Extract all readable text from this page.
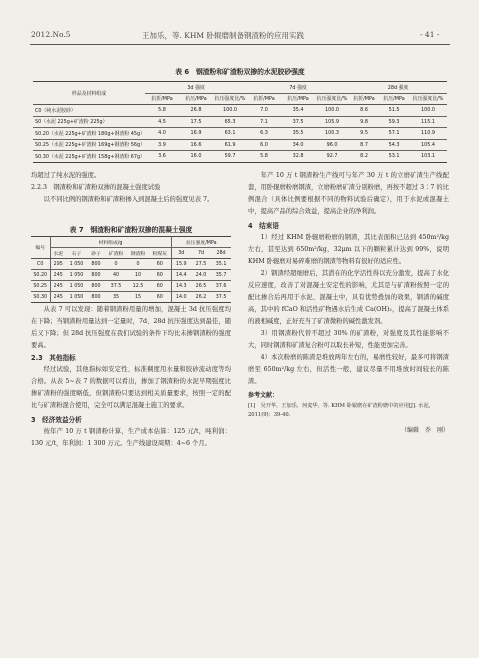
2012.No.5	王加乐，等. KHM 卧辊磨制备钢渣粉的应用实践	- 41 -
表 6　钢渣粉和矿渣粉双掺的水泥胶砂强度
样品及材料组成	3d 强度			7d 强度			28d 强度		
	抗折/MPa	抗压/MPa	抗压强度比/%	抗折/MPa	抗压/MPa	抗压强度比/%	抗折/MPa	抗压/MPa	抗压强度比/%
C0（纯水泥胶砂）	5.8	26.8	100.0	7.0	35.4	100.0	8.6	51.5	100.0
S0（水泥 225g+矿渣粉 225g）	4.5	17.5	65.3	7.1	37.5	105.9	9.8	59.3	115.1
S0.20（水泥 225g+矿渣粉 180g+钢渣粉 45g）	4.0	16.9	63.1	6.3	35.5	100.3	9.5	57.1	110.9
S0.25（水泥 225g+矿渣粉 169g+钢渣粉 56g）	3.9	16.6	61.9	6.0	34.0	96.0	8.7	54.3	105.4
S0.30（水泥 225g+矿渣粉 158g+钢渣粉 67g）	3.6	16.0	59.7	5.8	32.8	92.7	8.2	53.1	103.1

均超过了纯水泥的强度。

2.2.3　钢渣粉和矿渣粉双掺的混凝土强度试验

以不同比例的钢渣粉和矿渣粉掺入到混凝土后的强度见表 7。

表 7　钢渣粉和矿渣粉双掺的混凝土强度
编号	材料组成/g						抗压强度/MPa		
	水泥	石子	砂子	矿渣粉	钢渣粉	粉煤灰	3d	7d	28d
C0	295	1 050	800	0	0	60	15.9	27.5	35.1
S0.20	245	1 050	800	40	10	60	14.4	24.0	35.7
S0.25	245	1 050	800	37.5	12.5	60	14.3	26.5	37.6
S0.30	245	1 050	800	35	15	60	14.0	26.2	37.5

从表 7 可以发现：随着钢渣粉用量的增加，混凝土 3d 抗压强度均在下降；当钢渣粉用量达到一定量时，7d、28d 抗压强度达到最佳，随后又下降；但 28d 抗压强度在我们试验的条件下均比未掺钢渣粉的强度要高。

2.3　其他指标

经过试验，其他指标如安定性、标准稠度用水量和胶砂流动度等均合格。从表 5~表 7 的数据可以看出，掺加了钢渣粉的水泥早期强度比掺矿渣粉的强度略低，但钢渣粉只要达到相关质量要求，按照一定的配比与矿渣粉混合使用，完全可以满足混凝土施工的要求。

3　经济效益分析

按年产 10 万 t 钢渣粉计算，生产成本估算：125 元/t，吨利润：130 元/t，年利润：1 300 万元。生产线建设周期：4~6 个月。

年产 10 万 t 钢渣粉生产线可与年产 30 万 t 的立磨矿渣生产线配套，用卧辊磨粉磨钢渣，立磨粉磨矿渣分别粉磨，再按不超过 3∶7 的比例混合（具体比例要根据不同的物料试验后确定），用于水泥或混凝土中，提高产品的综合效益，提高企业的净利润。

4　结束语

1）经过 KHM 卧辊磨粉磨的钢渣，其比表面积已达到 450m²/kg 左右，甚至达到 650m²/kg，32μm 以下的颗粒累计达到 99%，说明 KHM 卧辊磨对易碎难磨的钢渣等物料有很好的适应性。

2）钢渣经超细磨后，其潜在的化学活性得以充分激发，提高了水化反应速度，改善了对混凝土安定性的影响，尤其是与矿渣粉按照一定的配比掺合后再用于水泥、混凝土中，具有优势叠加的效果，钢渣的碱度高，其中的 fCaO 和活性矿物遇水后生成 Ca(OH)₂，提高了混凝土体系的液相碱度，正好充当了矿渣微粉的碱性激发剂。

3）用钢渣粉代替不超过 30% 的矿渣粉，对强度及其性能影响不大，同时钢渣和矿渣复合粉可以取长补短，性能更加完善。

4）本次粉磨的陈渣是堆放两年左右的，易磨性较好，最多可将钢渣磨至 650m²/kg 左右，但活性一般，建议尽量不用堆放时间较长的陈渣。

参考文献：

[1]　吴开华，王加乐，何麦华，等. KHM 卧辊磨在矿渣粉磨中的应用[J]. 水泥，2011(9)：39-40.

（编辑　乔　刚）
